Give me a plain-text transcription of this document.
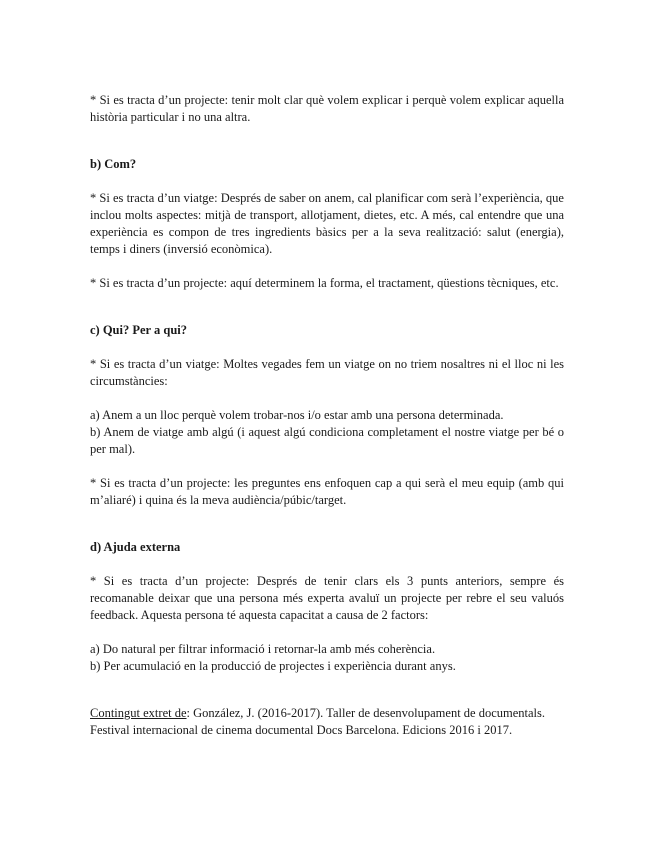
* Si es tracta d’un projecte: tenir molt clar què volem explicar i perquè volem explicar aquella història particular i no una altra.

b) Com?

* Si es tracta d’un viatge: Després de saber on anem, cal planificar com serà l’experiència, que inclou molts aspectes: mitjà de transport, allotjament, dietes, etc. A més, cal entendre que una experiència es compon de tres ingredients bàsics per a la seva realització: salut (energia), temps i diners (inversió econòmica).

* Si es tracta d’un projecte: aquí determinem la forma, el tractament, qüestions tècniques, etc.

c) Qui? Per a qui?

* Si es tracta d’un viatge: Moltes vegades fem un viatge on no triem nosaltres ni el lloc ni les circumstàncies:

a) Anem a un lloc perquè volem trobar-nos i/o estar amb una persona determinada.

b) Anem de viatge amb algú (i aquest algú condiciona completament el nostre viatge per bé o per mal).

* Si es tracta d’un projecte: les preguntes ens enfoquen cap a qui serà el meu equip (amb qui m’aliaré) i quina és la meva audiència/púbic/target.

d) Ajuda externa

* Si es tracta d’un projecte: Després de tenir clars els 3 punts anteriors, sempre és recomanable deixar que una persona més experta avaluï un projecte per rebre el seu valuós feedback. Aquesta persona té aquesta capacitat a causa de 2 factors:

a) Do natural per filtrar informació i retornar-la amb més coherència.

b) Per acumulació en la producció de projectes i experiència durant anys.

Contingut extret de: González, J. (2016-2017). Taller de desenvolupament de documentals. Festival internacional de cinema documental Docs Barcelona. Edicions 2016 i 2017.
